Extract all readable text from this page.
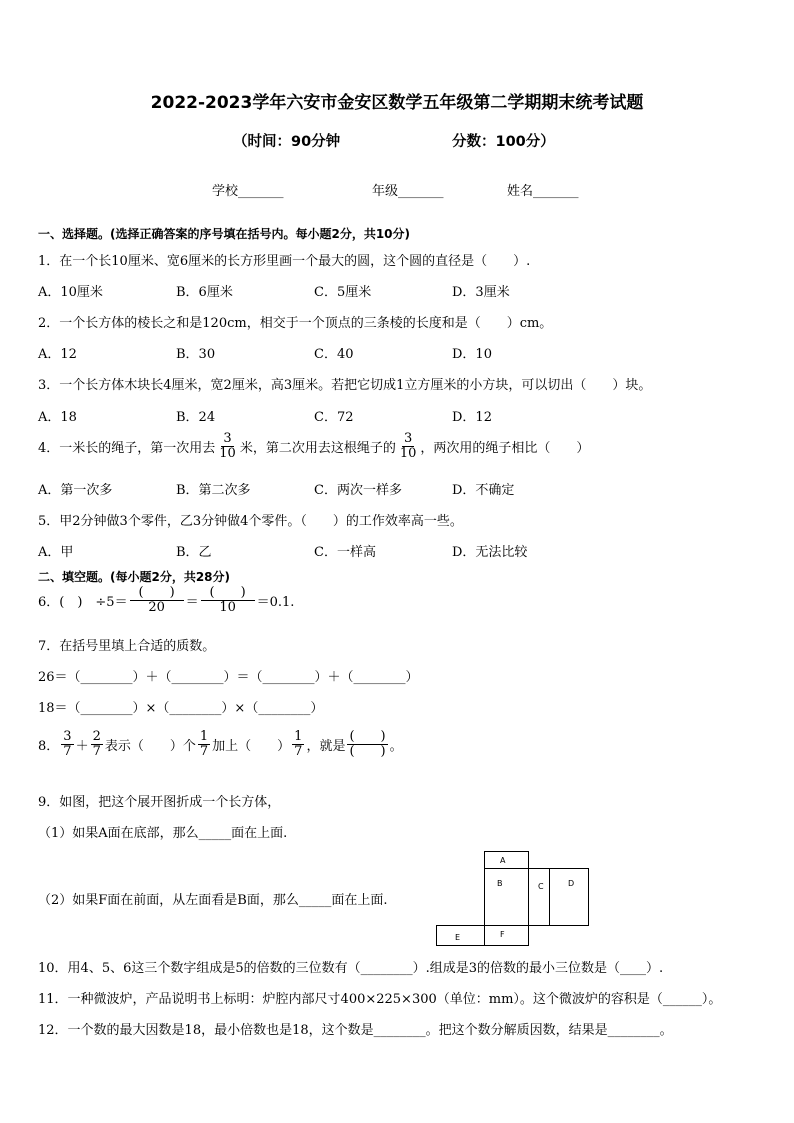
2022-2023学年六安市金安区数学五年级第二学期期末统考试题
（时间：90分钟	分数：100分）
学校_______	年级_______	姓名_______
一、选择题。(选择正确答案的序号填在括号内。每小题2分，共10分)
1．在一个长10厘米、宽6厘米的长方形里画一个最大的圆，这个圆的直径是（　　）.
A．10厘米	B．6厘米	C．5厘米	D．3厘米
2．一个长方体的棱长之和是120cm，相交于一个顶点的三条棱的长度和是（　　）cm。
A．12	B．30	C．40	D．10
3．一个长方体木块长4厘米，宽2厘米，高3厘米。若把它切成1立方厘米的小方块，可以切出（　　）块。
A．18	B．24	C．72	D．12
4．一米长的绳子，第一次用去 $\frac{3}{10}$ 米，第二次用去这根绳子的 $\frac{3}{10}$ ，两次用的绳子相比（　　）
A．第一次多	B．第二次多	C．两次一样多	D．不确定
5．甲2分钟做3个零件，乙3分钟做4个零件。（　　）的工作效率高一些。
A．甲	B．乙	C．一样高	D．无法比较
二、填空题。(每小题2分，共28分)
6．(　)　$\div 5= \frac{( )}{20} = \frac{( )}{10} =0.1$.
7．在括号里填上合适的质数。
26＝（________）＋（________）＝（________）＋（________）
18＝（________）×（________）×（________）
8． $\frac{3}{7} + \frac{2}{7}$ 表示（　　）个 $\frac{1}{7}$ 加上（　　） $\frac{1}{7}$ ，就是 $\frac{( )}{( )}$ 。
9．如图，把这个展开图折成一个长方体，
（1）如果A面在底部，那么_____面在上面.
（2）如果F面在前面，从左面看是B面，那么_____面在上面.
A
B	C	D
E	F
10．用4、5、6这三个数字组成是5的倍数的三位数有（________）.组成是3的倍数的最小三位数是（____）.
11．一种微波炉，产品说明书上标明：炉腔内部尺寸400×225×300（单位：mm）。这个微波炉的容积是（______）。
12．一个数的最大因数是18，最小倍数也是18，这个数是________。把这个数分解质因数，结果是________。
